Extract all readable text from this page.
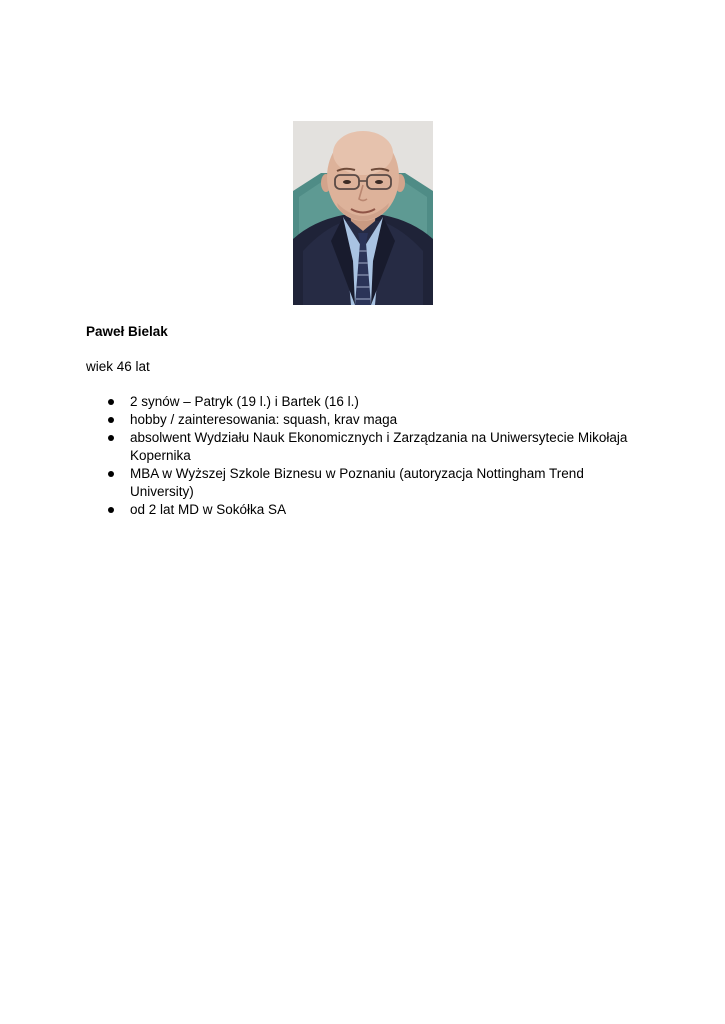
Paweł Bielak
wiek 46 lat
2 synów – Patryk (19 l.) i Bartek (16 l.)
hobby / zainteresowania: squash, krav maga
absolwent Wydziału Nauk Ekonomicznych i Zarządzania na Uniwersytecie Mikołaja Kopernika
MBA w Wyższej Szkole Biznesu w Poznaniu (autoryzacja Nottingham Trend University)
od 2 lat MD w Sokółka SA
